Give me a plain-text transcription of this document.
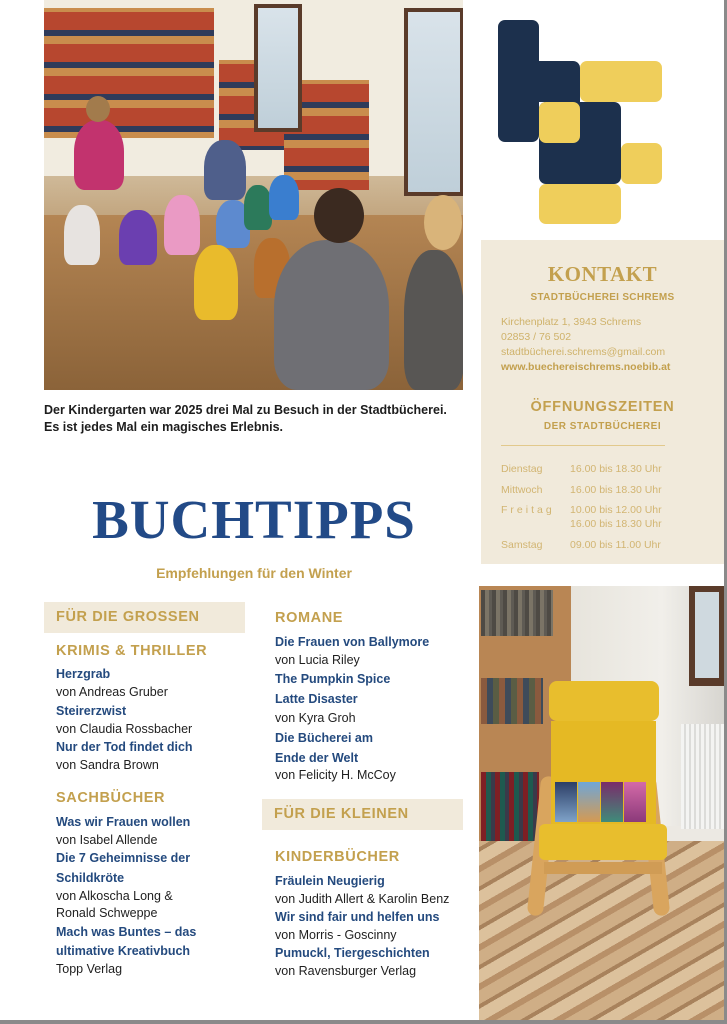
Der Kindergarten war 2025 drei Mal zu Besuch in der Stadtbücherei.
Es ist jedes Mal ein magisches Erlebnis.
KONTAKT
STADTBÜCHEREI SCHREMS
Kirchenplatz 1, 3943 Schrems
02853 / 76 502
stadtbücherei.schrems@gmail.com
www.buechereischrems.noebib.at
ÖFFNUNGSZEITEN
DER STADTBÜCHEREI
Dienstag	16.00 bis 18.30 Uhr
Mittwoch	16.00 bis 18.30 Uhr
Freitag 10.00 bis 12.00 Uhr
16.00 bis 18.30 Uhr
Samstag	09.00 bis 11.00 Uhr
BUCHTIPPS
Empfehlungen für den Winter
FÜR DIE GROSSEN
KRIMIS & THRILLER
Herzgrab
von Andreas Gruber
Steirerzwist
von Claudia Rossbacher
Nur der Tod findet dich
von Sandra Brown
SACHBÜCHER
Was wir Frauen wollen
von Isabel Allende
Die 7 Geheimnisse der
Schildkröte
von Alkoscha Long &
Ronald Schweppe
Mach was Buntes – das
ultimative Kreativbuch
Topp Verlag
ROMANE
Die Frauen von Ballymore
von Lucia Riley
The Pumpkin Spice
Latte Disaster
von Kyra Groh
Die Bücherei am
Ende der Welt
von Felicity H. McCoy
FÜR DIE KLEINEN
KINDERBÜCHER
Fräulein Neugierig
von Judith Allert & Karolin Benz
Wir sind fair und helfen uns
von Morris - Goscinny
Pumuckl, Tiergeschichten
von Ravensburger Verlag
